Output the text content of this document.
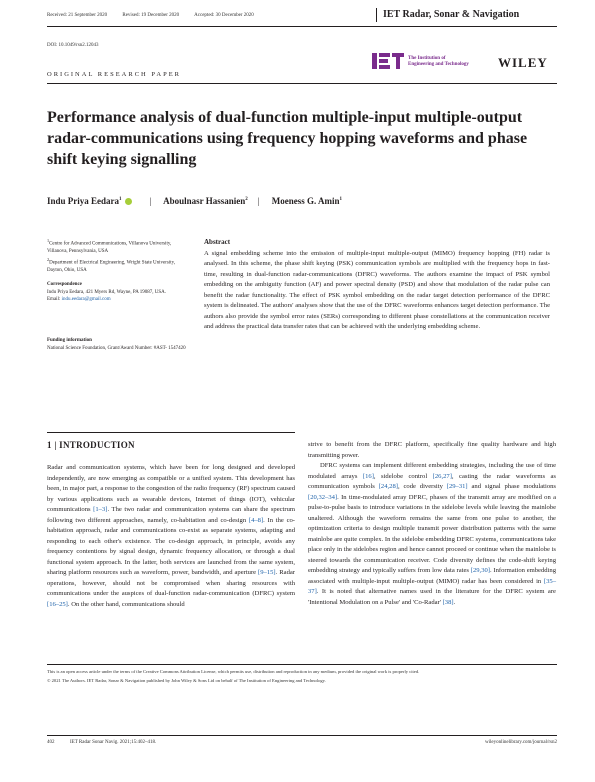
Received: 21 September 2020	Revised: 19 December 2020	Accepted: 30 December 2020	IET Radar, Sonar & Navigation
DOI: 10.1049/rsn2.12043
The Institution of
Engineering and Technology WILEY
ORIGINAL RESEARCH PAPER
Performance analysis of dual-function multiple-input multiple-output radar-communications using frequency hopping waveforms and phase shift keying signalling
Indu Priya Eedara$^1$	| Aboulnasr Hassanien$^2$ | Moeness G. Amin$^1$
$^1$Centre for Advanced Communications, Villanova University, Villanova, Pennsylvania, USA
$^2$Department of Electrical Engineering, Wright State University, Dayton, Ohio, USA
Correspondence
Indu Priya Eedara, 421 Myers Rd, Wayne, PA 19087, USA.
Email: indu.eedara@gmail.com
Funding information
National Science Foundation, Grant/Award Number: #AST- 1547420
Abstract
A signal embedding scheme into the emission of multiple-input multiple-output (MIMO) frequency hopping (FH) radar is analysed. In this scheme, the phase shift keying (PSK) communication symbols are multiplied with the frequency hops in fast-time, resulting in dual-function radar-communications (DFRC) waveforms. The authors examine the impact of PSK symbol embedding on the ambiguity function (AF) and power spectral density (PSD) and show that modulation of the radar pulse can benefit the radar functionality. The effect of PSK symbol embedding on the radar target detection performance of the DFRC system is delineated. The authors' analyses show that the use of the DFRC waveforms enhances target detection performance. The authors also provide the symbol error rates (SERs) corresponding to different phase constellations at the communication receiver and address the practical data transfer rates that can be achieved with the underlying embedding scheme.
1 | INTRODUCTION

Radar and communication systems, which have been for long designed and developed independently, are now emerging as compatible or a unified system. This development has been, in major part, a response to the congestion of the radio frequency (RF) spectrum caused by various applications such as wearable devices, Internet of things (IOT), vehicular communications [1–3]. The two radar and communication systems can share the spectrum following two different approaches, namely, co-habitation and co-design [4–8]. In the co-habitation approach, radar and communications co-exist as separate systems, adapting and responding to each other's existence. The co-design approach, in principle, avoids any frequency contentions by signal design, dynamic frequency allocation, or through a dual functional system approach. In the latter, both services are launched from the same system, sharing platform resources such as waveform, power, bandwidth, and aperture [9–15]. Radar operations, however, should not be compromised when sharing resources with communications under the auspices of dual-function radar-communication (DFRC) system [16–25]. On the other hand, communications should

strive to benefit from the DFRC platform, specifically fine quality hardware and high transmitting power.

DFRC systems can implement different embedding strategies, including the use of time modulated arrays [16], sidelobe control [26,27], casting the radar waveforms as communication symbols [24,28], code diversity [29–31] and signal phase modulations [20,32–34]. In time-modulated array DFRC, phases of the transmit array are modified on a pulse-to-pulse basis to introduce variations in the sidelobe levels while leaving the mainlobe unaltered. Although the waveform remains the same from one pulse to another, the optimization criteria to design multiple transmit power distribution patterns with the same mainlobe are quite complex. In the sidelobe embedding DFRC systems, communications take place only in the sidelobes region and hence cannot proceed or continue when the mainlobe is steered towards the communication receiver. Code diversity defines the code-shift keying embedding strategy and typically suffers from low data rates [29,30]. Information embedding associated with multiple-input multiple-output (MIMO) radar has been considered in [35–37]. It is noted that alternative names used in the literature for the DFRC system are 'Intentional Modulation on a Pulse' and 'Co-Radar' [38].

This is an open access article under the terms of the Creative Commons Attribution License, which permits use, distribution and reproduction in any medium, provided the original work is properly cited.
© 2021 The Authors. IET Radar, Sonar & Navigation published by John Wiley & Sons Ltd on behalf of The Institution of Engineering and Technology.
402	IET Radar Sonar Navig. 2021;15:402–418.	wileyonlinelibrary.com/journal/rsn2
